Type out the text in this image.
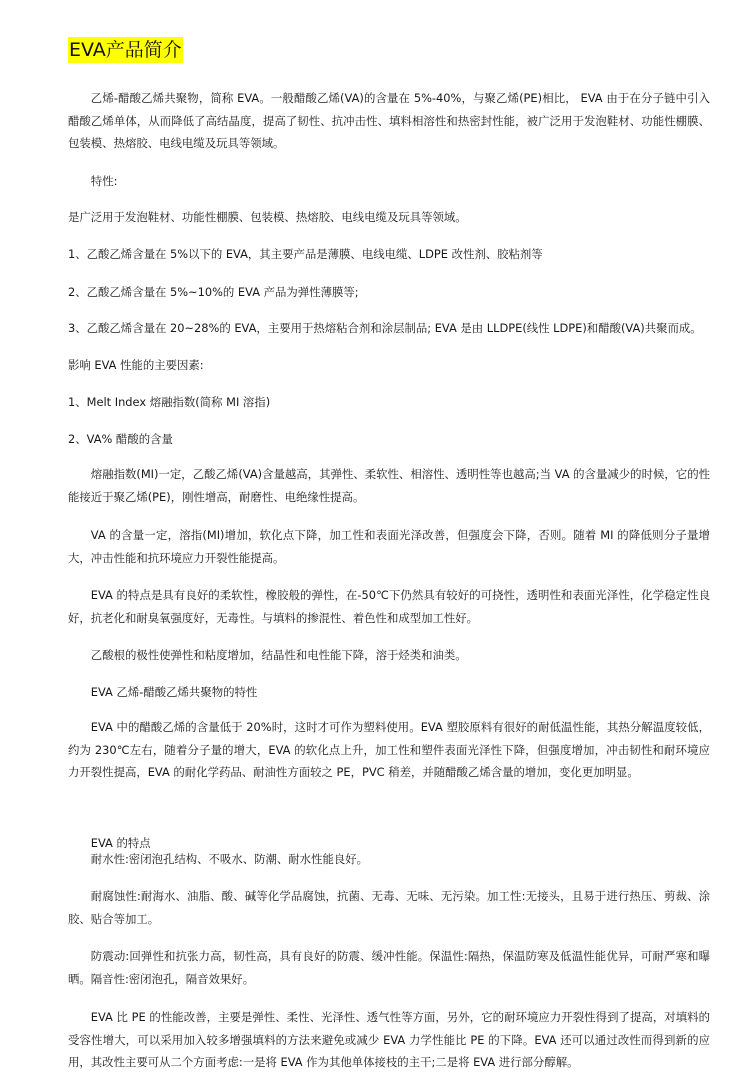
EVA产品简介

乙烯-醋酸乙烯共聚物，简称 EVA。一般醋酸乙烯(VA)的含量在 5%-40%，与聚乙烯(PE)相比， EVA 由于在分子链中引入醋酸乙烯单体，从而降低了高结晶度，提高了韧性、抗冲击性、填料相溶性和热密封性能，被广泛用于发泡鞋材、功能性棚膜、包装模、热熔胶、电线电缆及玩具等领域。

特性:

是广泛用于发泡鞋材、功能性棚膜、包装模、热熔胶、电线电缆及玩具等领域。

1、乙酸乙烯含量在 5%以下的 EVA，其主要产品是薄膜、电线电缆、LDPE 改性剂、胶粘剂等

2、乙酸乙烯含量在 5%~10%的 EVA 产品为弹性薄膜等;

3、乙酸乙烯含量在 20~28%的 EVA，主要用于热熔粘合剂和涂层制品; EVA 是由 LLDPE(线性 LDPE)和醋酸(VA)共聚而成。

影响 EVA 性能的主要因素:

1、Melt Index 熔融指数(简称 MI 溶指)

2、VA% 醋酸的含量

熔融指数(MI)一定，乙酸乙烯(VA)含量越高，其弹性、柔软性、相溶性、透明性等也越高;当 VA 的含量减少的时候，它的性能接近于聚乙烯(PE)，刚性增高，耐磨性、电绝缘性提高。

VA 的含量一定，溶指(MI)增加，软化点下降，加工性和表面光泽改善，但强度会下降，否则。随着 MI 的降低则分子量增大，冲击性能和抗环境应力开裂性能提高。

EVA 的特点是具有良好的柔软性，橡胶般的弹性，在-50℃下仍然具有较好的可挠性，透明性和表面光泽性，化学稳定性良好，抗老化和耐臭氧强度好，无毒性。与填料的掺混性、着色性和成型加工性好。

乙酸根的极性使弹性和粘度增加，结晶性和电性能下降，溶于烃类和油类。

EVA 乙烯-醋酸乙烯共聚物的特性

EVA 中的醋酸乙烯的含量低于 20%时，这时才可作为塑料使用。EVA 塑胶原料有很好的耐低温性能，其热分解温度较低，约为 230℃左右，随着分子量的增大，EVA 的软化点上升，加工性和塑件表面光泽性下降，但强度增加，冲击韧性和耐环境应力开裂性提高，EVA 的耐化学药品、耐油性方面较之 PE，PVC 稍差，并随醋酸乙烯含量的增加，变化更加明显。

EVA 的特点

耐水性:密闭泡孔结构、不吸水、防潮、耐水性能良好。

耐腐蚀性:耐海水、油脂、酸、碱等化学品腐蚀，抗菌、无毒、无味、无污染。加工性:无接头，且易于进行热压、剪裁、涂胶、贴合等加工。

防震动:回弹性和抗张力高，韧性高，具有良好的防震、缓冲性能。保温性:隔热，保温防寒及低温性能优异，可耐严寒和曝晒。隔音性:密闭泡孔，隔音效果好。

EVA 比 PE 的性能改善，主要是弹性、柔性、光泽性、透气性等方面，另外，它的耐环境应力开裂性得到了提高，对填料的受容性增大，可以采用加入较多增强填料的方法来避免或减少 EVA 力学性能比 PE 的下降。EVA 还可以通过改性而得到新的应用，其改性主要可从二个方面考虑:一是将 EVA 作为其他单体接枝的主干;二是将 EVA 进行部分醇解。
